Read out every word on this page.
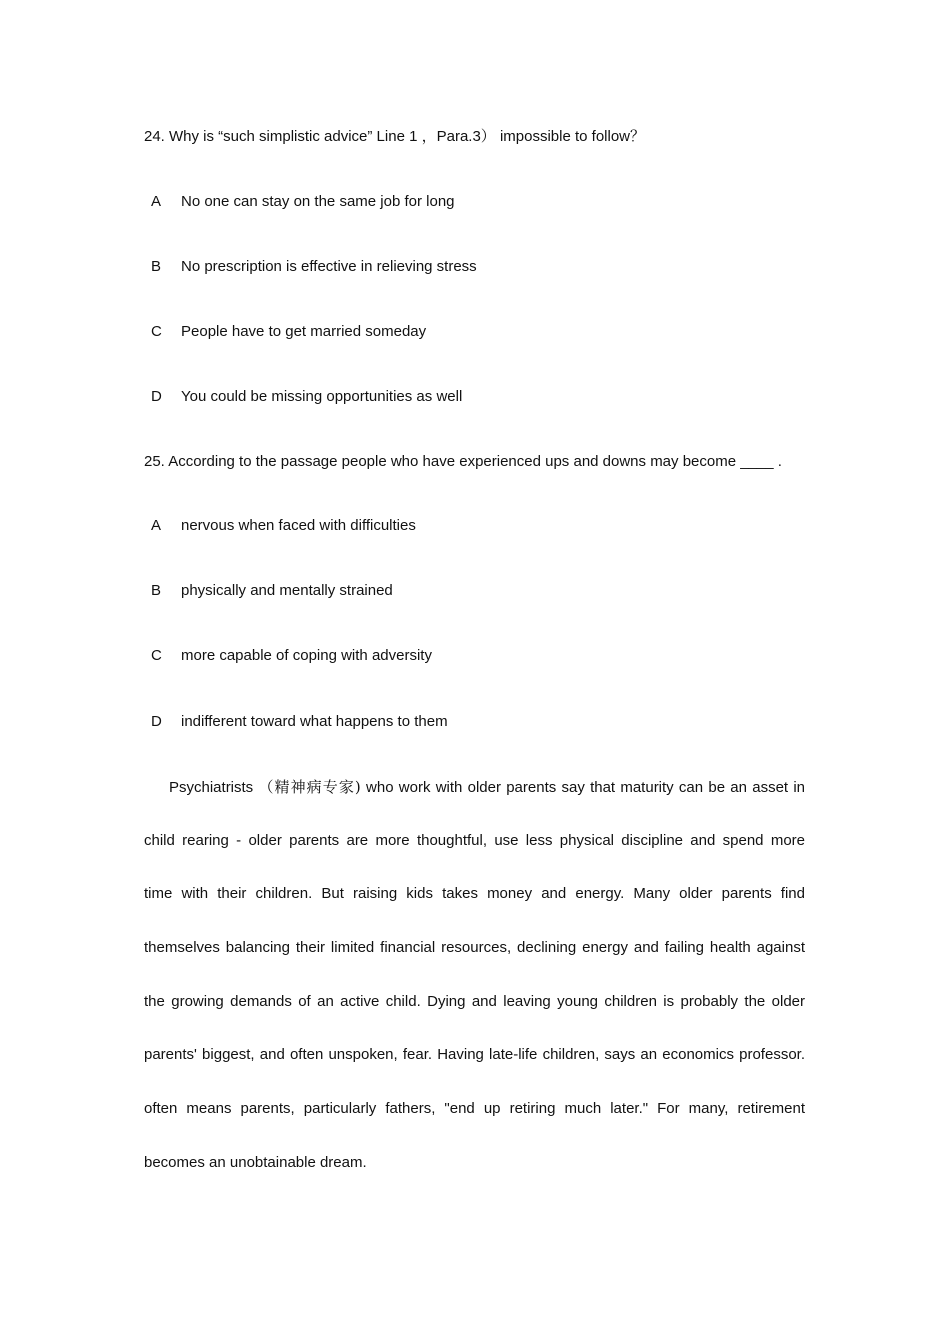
24. Why is “such simplistic advice” Line 1 ，Para.3） impossible to follow？
A No one can stay on the same job for long
B No prescription is effective in relieving stress
C People have to get married someday
D You could be missing opportunities as well
25. According to the passage people who have experienced ups and downs may become ____ .
A nervous when faced with difficulties
B physically and mentally strained
C more capable of coping with adversity
D indifferent toward what happens to them
Psychiatrists （精神病专家) who work with older parents say that maturity can be an asset in
child rearing - older parents are more thoughtful, use less physical discipline and spend more
time with their children. But raising kids takes money and energy. Many older parents find
themselves balancing their limited financial resources, declining energy and failing health against
the growing demands of an active child. Dying and leaving young children is probably the older
parents' biggest, and often unspoken, fear. Having late-life children, says an economics professor.
often means parents, particularly fathers, "end up retiring much later." For many, retirement
becomes an unobtainable dream.
